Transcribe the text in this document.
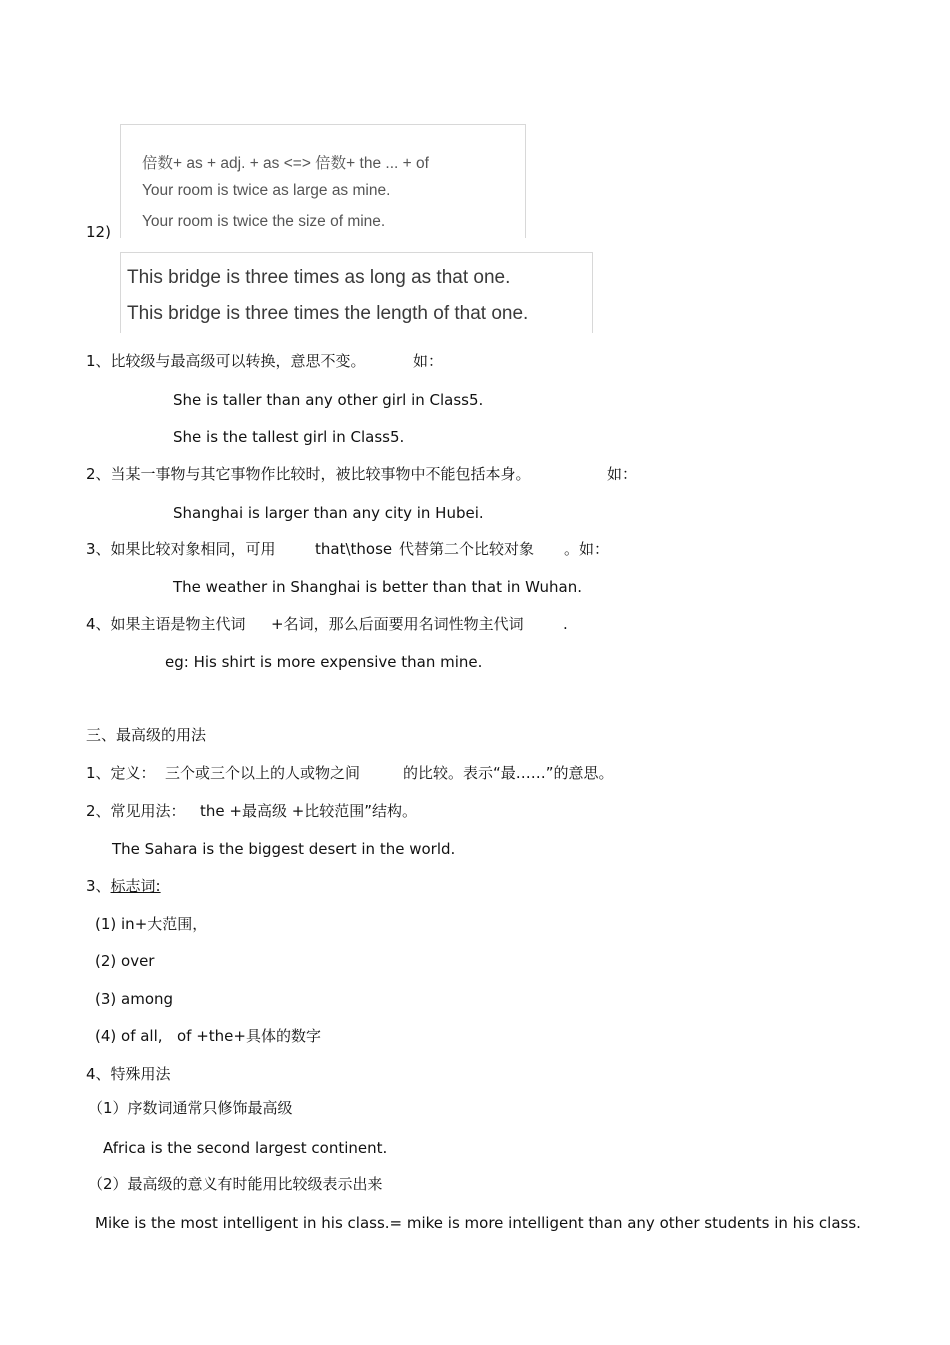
12)
倍数+ as + adj. + as <=> 倍数+ the ... + of
Your room is twice as large as mine.
Your room is twice the size of mine.
This bridge is three times as long as that one.
This bridge is three times the length of that one.
1、比较级与最高级可以转换，意思不变。	如：
She is taller than any other girl in Class5.
She is the tallest girl in Class5.
2、当某一事物与其它事物作比较时，被比较事物中不能包括本身。	如：
Shanghai is larger than any city in Hubei.
3、如果比较对象相同，可用	that\those 代替第二个比较对象 。如：
The weather in Shanghai is better than that in Wuhan.
4、如果主语是物主代词 +名词，那么后面要用名词性物主代词	.
eg: His shirt is more expensive than mine.
三、最高级的用法
1、定义： 三个或三个以上的人或物之间	的比较。表示“最……”的意思。
2、常见用法： the +最高级 +比较范围”结构。
The Sahara is the biggest desert in the world.
3、标志词:
(1) in+大范围，
(2) over
(3) among
(4) of all, of +the+具体的数字
4、特殊用法
（1）序数词通常只修饰最高级
Africa is the second largest continent.
（2）最高级的意义有时能用比较级表示出来
Mike is the most intelligent in his class.= mike is more intelligent than any other students in his class.
